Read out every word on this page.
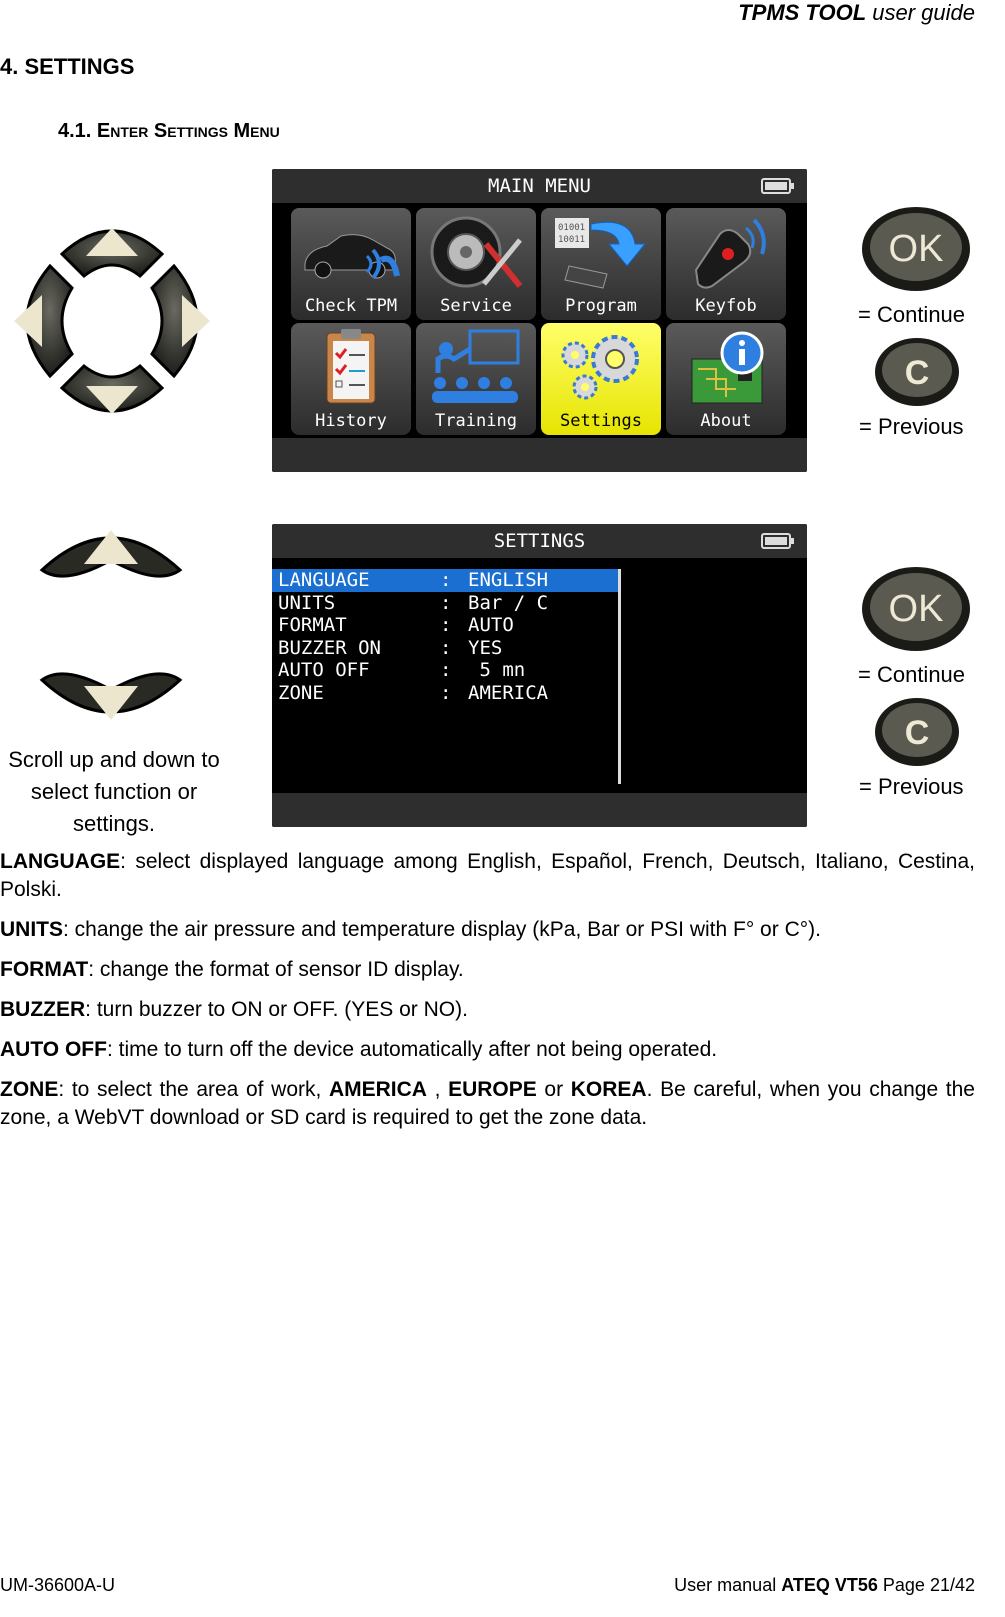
TPMS TOOL user guide
4. SETTINGS
4.1. Enter Settings Menu
MAIN MENU
Check TPM	Service
01001
10011
Program	Keyfob
History	Training	Settings	About
OK
= Continue
C
= Previous
Scroll up and down to select function or settings.
SETTINGS
LANGUAGE	: ENGLISH
UNITS	: Bar / C
FORMAT	: AUTO
BUZZER ON	: YES
AUTO OFF	: 5 mn
ZONE	: AMERICA
OK
= Continue
C
= Previous
LANGUAGE: select displayed language among English, Español, French, Deutsch, Italiano, Cestina, Polski.
UNITS: change the air pressure and temperature display (kPa, Bar or PSI with F° or C°).
FORMAT: change the format of sensor ID display.
BUZZER: turn buzzer to ON or OFF. (YES or NO).
AUTO OFF: time to turn off the device automatically after not being operated.
ZONE: to select the area of work, AMERICA , EUROPE or KOREA. Be careful, when you change the zone, a WebVT download or SD card is required to get the zone data.
UM-36600A-U	User manual ATEQ VT56 Page 21/42
